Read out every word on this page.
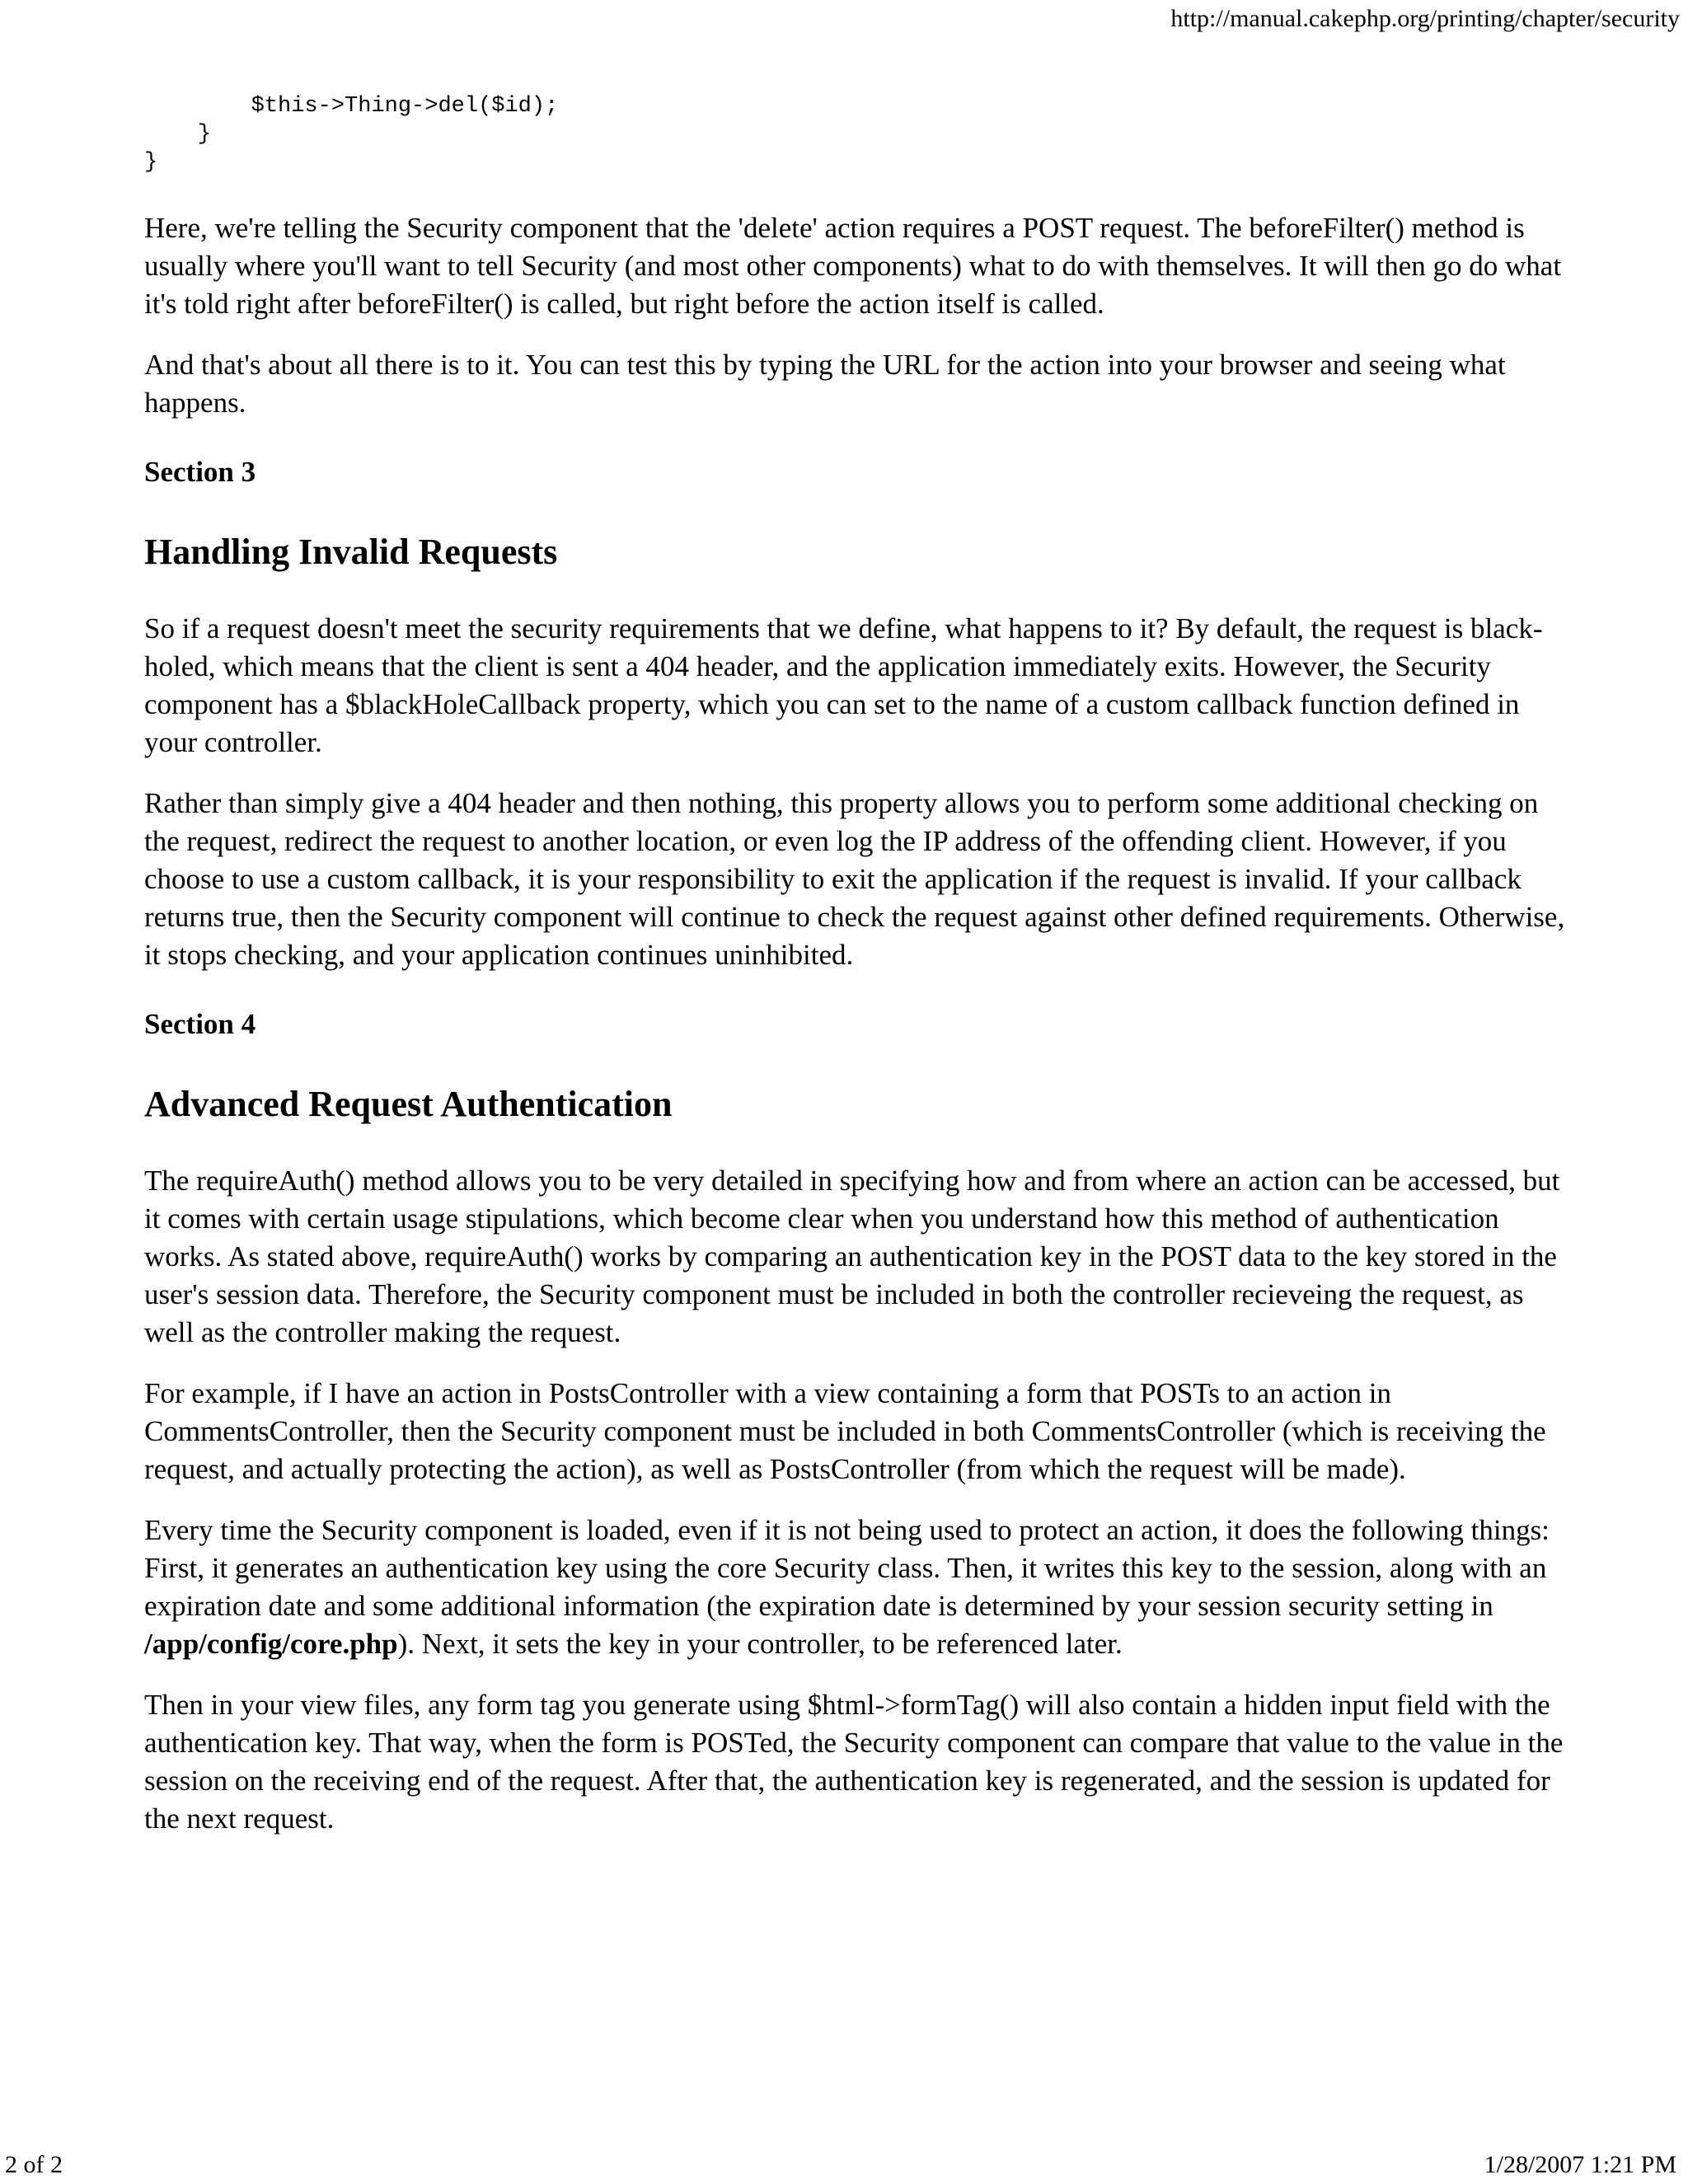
http://manual.cakephp.org/printing/chapter/security
$this->Thing->del($id);
}
}

Here, we're telling the Security component that the 'delete' action requires a POST request. The beforeFilter() method is usually where you'll want to tell Security (and most other components) what to do with themselves. It will then go do what it's told right after beforeFilter() is called, but right before the action itself is called.

And that's about all there is to it. You can test this by typing the URL for the action into your browser and seeing what happens.

Section 3
Handling Invalid Requests

So if a request doesn't meet the security requirements that we define, what happens to it? By default, the request is black-holed, which means that the client is sent a 404 header, and the application immediately exits. However, the Security component has a $blackHoleCallback property, which you can set to the name of a custom callback function defined in your controller.

Rather than simply give a 404 header and then nothing, this property allows you to perform some additional checking on the request, redirect the request to another location, or even log the IP address of the offending client. However, if you choose to use a custom callback, it is your responsibility to exit the application if the request is invalid. If your callback returns true, then the Security component will continue to check the request against other defined requirements. Otherwise, it stops checking, and your application continues uninhibited.

Section 4
Advanced Request Authentication

The requireAuth() method allows you to be very detailed in specifying how and from where an action can be accessed, but it comes with certain usage stipulations, which become clear when you understand how this method of authentication works. As stated above, requireAuth() works by comparing an authentication key in the POST data to the key stored in the user's session data. Therefore, the Security component must be included in both the controller recieveing the request, as well as the controller making the request.

For example, if I have an action in PostsController with a view containing a form that POSTs to an action in CommentsController, then the Security component must be included in both CommentsController (which is receiving the request, and actually protecting the action), as well as PostsController (from which the request will be made).

Every time the Security component is loaded, even if it is not being used to protect an action, it does the following things: First, it generates an authentication key using the core Security class. Then, it writes this key to the session, along with an expiration date and some additional information (the expiration date is determined by your session security setting in /app/config/core.php). Next, it sets the key in your controller, to be referenced later.

Then in your view files, any form tag you generate using $html->formTag() will also contain a hidden input field with the authentication key. That way, when the form is POSTed, the Security component can compare that value to the value in the session on the receiving end of the request. After that, the authentication key is regenerated, and the session is updated for the next request.

2 of 2	1/28/2007 1:21 PM
